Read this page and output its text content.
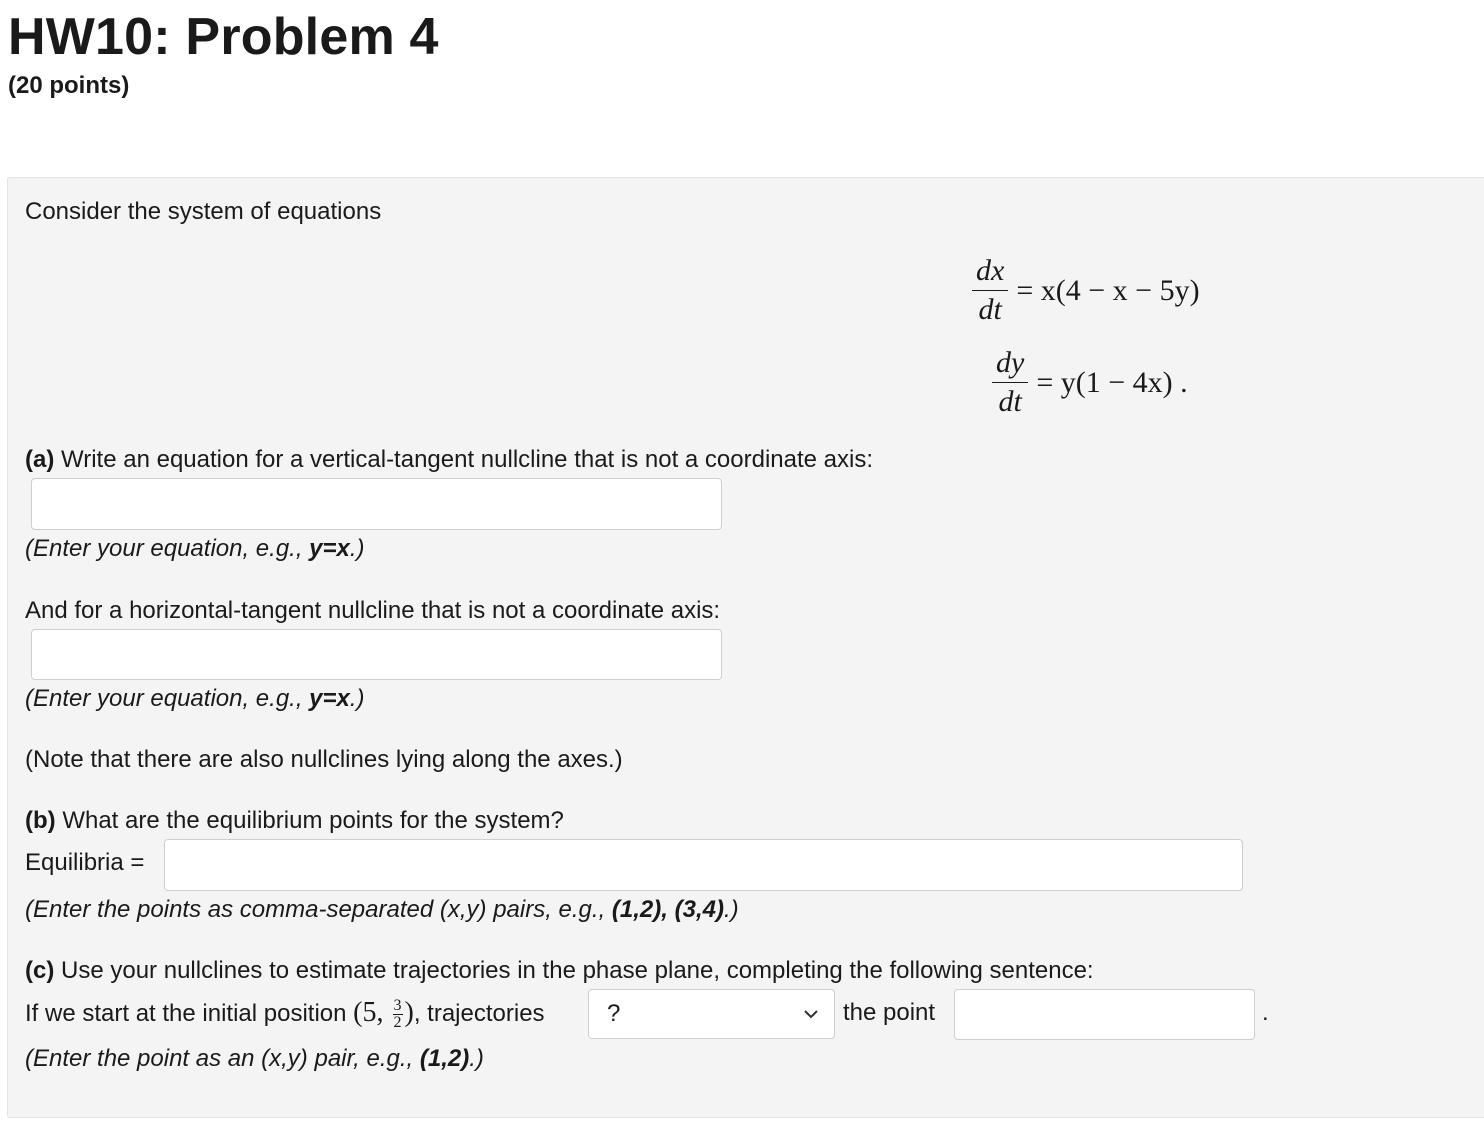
HW10: Problem 4
(20 points)
Consider the system of equations
$\frac{dx}{dt} = x(4 - x - 5y)$
$\frac{dy}{dt} = y(1 - 4x)$ .
(a) Write an equation for a vertical-tangent nullcline that is not a coordinate axis:
(Enter your equation, e.g., y=x.)
And for a horizontal-tangent nullcline that is not a coordinate axis:
(Enter your equation, e.g., y=x.)
(Note that there are also nullclines lying along the axes.)
(b) What are the equilibrium points for the system?
Equilibria =
(Enter the points as comma-separated (x,y) pairs, e.g., (1,2), (3,4).)
(c) Use your nullclines to estimate trajectories in the phase plane, completing the following sentence:
If we start at the initial position (5, $\frac{3}{2}$ ), trajectories	?	the point	.
(Enter the point as an (x,y) pair, e.g., (1,2).)
